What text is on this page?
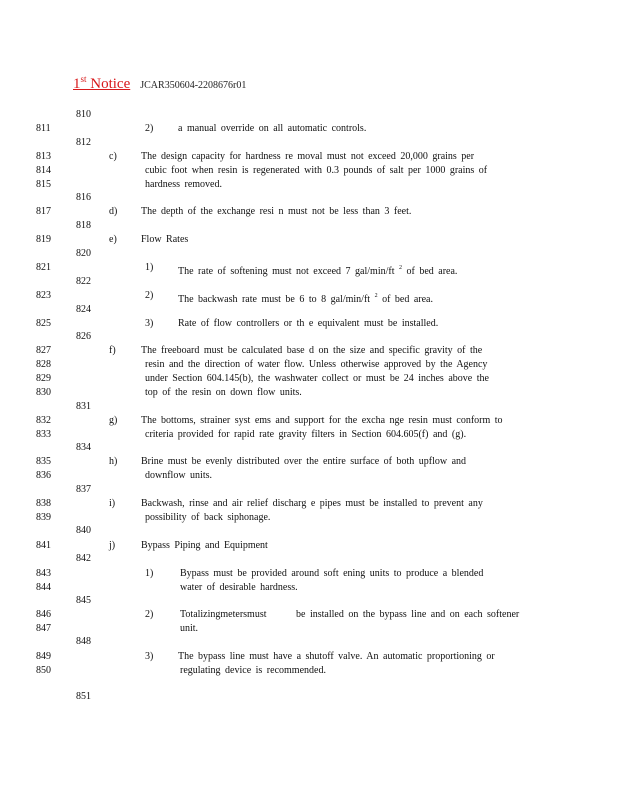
1st Notice JCAR350604-2208676r01
810
812
816
818
820
822
824
826
831
834
837
840
842
845
848
851
811
813
814
815
817
819
821
823
825
827
828
829
830
832
833
835
836
838
839
841
843
844
846
847
849
850
2) a manual override on all automatic controls.
c) The design capacity for hardness re moval must not exceed 20,000 grains per
cubic foot when resin is regenerated with 0.3 pounds of salt per 1000 grains of
hardness removed.
d) The depth of the exchange resi n must not be less than 3 feet.
e) Flow Rates
1) The rate of softening must not exceed 7 gal/min/ft $^2$ of bed area.
2) The backwash rate must be 6 to 8 gal/min/ft $^2$ of bed area.
3) Rate of flow controllers or th e equivalent must be installed.
f)	The freeboard must be calculated base d on the size and specific gravity of the
resin and the direction of water flow. Unless otherwise approved by the Agency
under Section 604.145(b), the washwater collect or must be 24 inches above the
top of the resin on down flow units.
g) The bottoms, strainer syst ems and support for the excha nge resin must conform to
criteria provided for rapid rate gravity filters in Section 604.605(f) and (g).
h) Brine must be evenly distributed over the entire surface of both upflow and
downflow units.
i)	Backwash, rinse and air relief discharg e pipes must be installed to prevent any
possibility of back siphonage.
j)	Bypass Piping and Equipment
1)	Bypass must be provided around soft ening units to produce a blended
water of desirable hardness.
2)	Totalizingmetersmust	be installed on the bypass line and on each softener
unit.
3) The bypass line must have a shutoff valve. An automatic proportioning or
regulating device is recommended.
